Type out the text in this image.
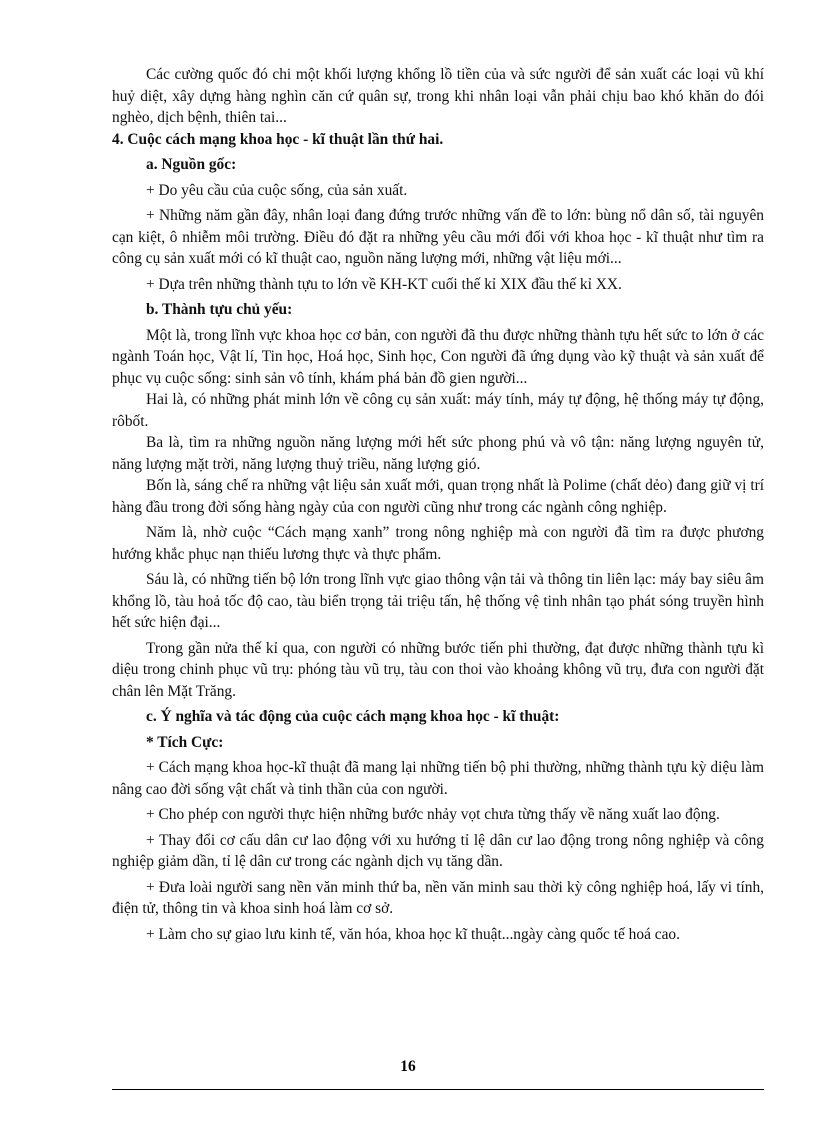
Các cường quốc đó chi một khối lượng khổng lồ tiền của và sức người để sản xuất các loại vũ khí huỷ diệt, xây dựng hàng nghìn căn cứ quân sự, trong khi nhân loại vẫn phải chịu bao khó khăn do đói nghèo, dịch bệnh, thiên tai...

4. Cuộc cách mạng khoa học - kĩ thuật lần thứ hai.

a. Nguồn gốc:

+ Do yêu cầu của cuộc sống, của sản xuất.

+ Những năm gần đây, nhân loại đang đứng trước những vấn đề to lớn: bùng nổ dân số, tài nguyên cạn kiệt, ô nhiễm môi trường. Điều đó đặt ra những yêu cầu mới đối với khoa học - kĩ thuật như tìm ra công cụ sản xuất mới có kĩ thuật cao, nguồn năng lượng mới, những vật liệu mới...

+ Dựa trên những thành tựu to lớn về KH-KT cuối thế kỉ XIX đầu thế kỉ XX.

b. Thành tựu chủ yếu:

Một là, trong lĩnh vực khoa học cơ bản, con người đã thu được những thành tựu hết sức to lớn ở các ngành Toán học, Vật lí, Tin học, Hoá học, Sinh học, Con người đã ứng dụng vào kỹ thuật và sản xuất để phục vụ cuộc sống: sinh sản vô tính, khám phá bản đồ gien người...

Hai là, có những phát minh lớn về công cụ sản xuất: máy tính, máy tự động, hệ thống máy tự động, rôbốt.

Ba là, tìm ra những nguồn năng lượng mới hết sức phong phú và vô tận: năng lượng nguyên tử, năng lượng mặt trời, năng lượng thuỷ triều, năng lượng gió.

Bốn là, sáng chế ra những vật liệu sản xuất mới, quan trọng nhất là Polime (chất dẻo) đang giữ vị trí hàng đầu trong đời sống hàng ngày của con người cũng như trong các ngành công nghiệp.

Năm là, nhờ cuộc “Cách mạng xanh” trong nông nghiệp mà con người đã tìm ra được phương hướng khắc phục nạn thiếu lương thực và thực phẩm.

Sáu là, có những tiến bộ lớn trong lĩnh vực giao thông vận tải và thông tin liên lạc: máy bay siêu âm khổng lồ, tàu hoả tốc độ cao, tàu biển trọng tải triệu tấn, hệ thống vệ tinh nhân tạo phát sóng truyền hình hết sức hiện đại...

Trong gần nửa thế kỉ qua, con người có những bước tiến phi thường, đạt được những thành tựu kì diệu trong chinh phục vũ trụ: phóng tàu vũ trụ, tàu con thoi vào khoảng không vũ trụ, đưa con người đặt chân lên Mặt Trăng.

c. Ý nghĩa và tác động của cuộc cách mạng khoa học - kĩ thuật:

* Tích Cực:

+ Cách mạng khoa học-kĩ thuật đã mang lại những tiến bộ phi thường, những thành tựu kỳ diệu làm nâng cao đời sống vật chất và tinh thần của con người.

+ Cho phép con người thực hiện những bước nhảy vọt chưa từng thấy về năng xuất lao động.

+ Thay đổi cơ cấu dân cư lao động với xu hướng tỉ lệ dân cư lao động trong nông nghiệp và công nghiệp giảm dần, tỉ lệ dân cư trong các ngành dịch vụ tăng dần.

+ Đưa loài người sang nền văn minh thứ ba, nền văn minh sau thời kỳ công nghiệp hoá, lấy vi tính, điện tử, thông tin và khoa sinh hoá làm cơ sở.

+ Làm cho sự giao lưu kinh tế, văn hóa, khoa học kĩ thuật...ngày càng quốc tế hoá cao.

16
